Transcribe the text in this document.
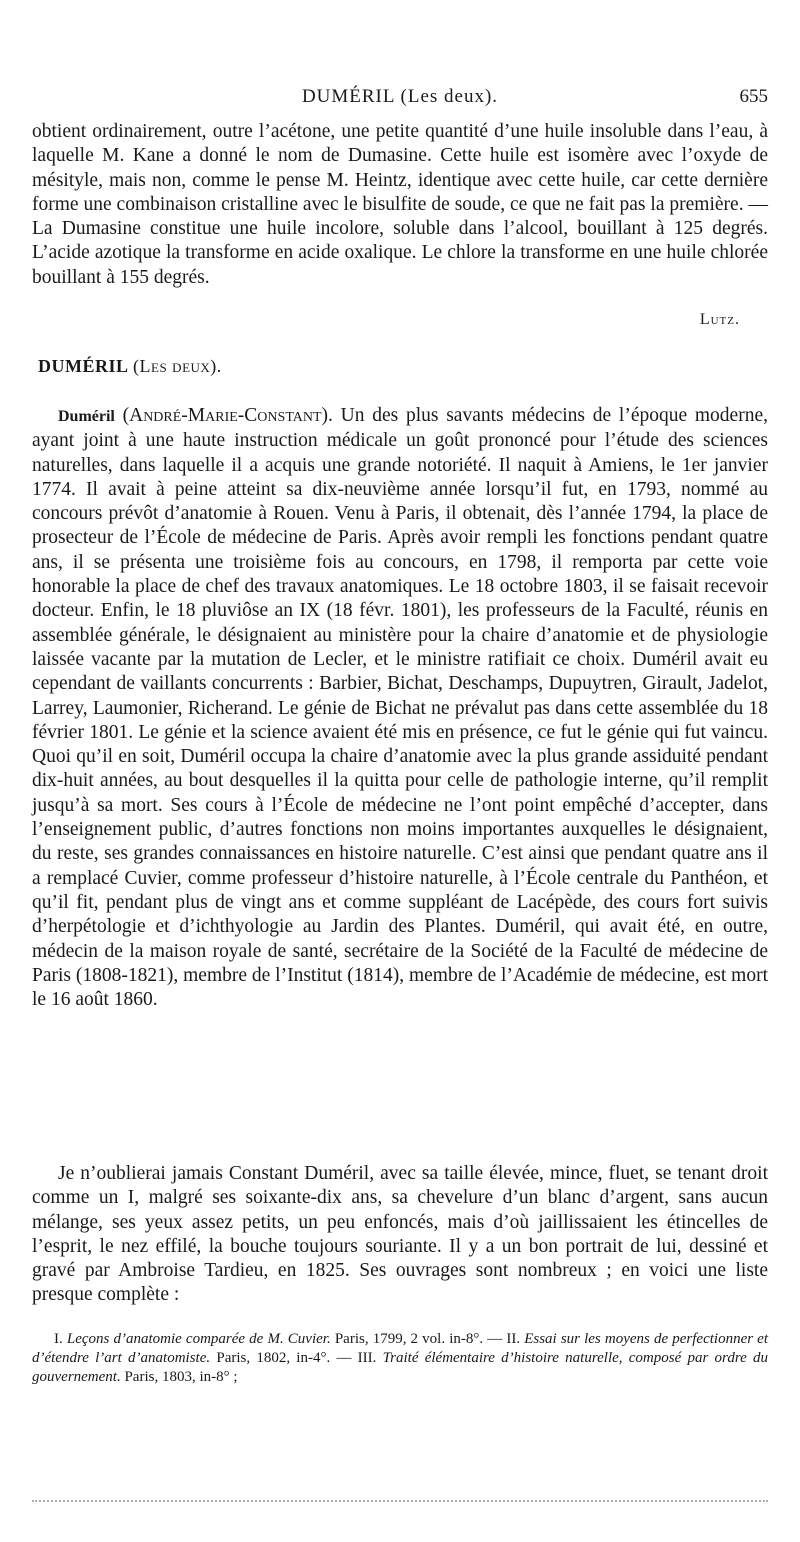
DUMÉRIL (Les deux).	655

obtient ordinairement, outre l’acétone, une petite quantité d’une huile insoluble dans l’eau, à laquelle M. Kane a donné le nom de Dumasine. Cette huile est isomère avec l’oxyde de mésityle, mais non, comme le pense M. Heintz, identique avec cette huile, car cette dernière forme une combinaison cristalline avec le bisulfite de soude, ce que ne fait pas la première. — La Dumasine constitue une huile incolore, soluble dans l’alcool, bouillant à 125 degrés. L’acide azotique la transforme en acide oxalique. Le chlore la transforme en une huile chlorée bouillant à 155 degrés.

Lutz.
DUMÉRIL (Les deux).

Duméril (André-Marie-Constant). Un des plus savants médecins de l’époque moderne, ayant joint à une haute instruction médicale un goût prononcé pour l’étude des sciences naturelles, dans laquelle il a acquis une grande notoriété. Il naquit à Amiens, le 1er janvier 1774. Il avait à peine atteint sa dix-neuvième année lorsqu’il fut, en 1793, nommé au concours prévôt d’anatomie à Rouen. Venu à Paris, il obtenait, dès l’année 1794, la place de prosecteur de l’École de médecine de Paris. Après avoir rempli les fonctions pendant quatre ans, il se présenta une troisième fois au concours, en 1798, il remporta par cette voie honorable la place de chef des travaux anatomiques. Le 18 octobre 1803, il se faisait recevoir docteur. Enfin, le 18 pluviôse an IX (18 févr. 1801), les professeurs de la Faculté, réunis en assemblée générale, le désignaient au ministère pour la chaire d’anatomie et de physiologie laissée vacante par la mutation de Lecler, et le ministre ratifiait ce choix. Duméril avait eu cependant de vaillants concurrents : Barbier, Bichat, Deschamps, Dupuytren, Girault, Jadelot, Larrey, Laumonier, Richerand. Le génie de Bichat ne prévalut pas dans cette assemblée du 18 février 1801. Le génie et la science avaient été mis en présence, ce fut le génie qui fut vaincu. Quoi qu’il en soit, Duméril occupa la chaire d’anatomie avec la plus grande assiduité pendant dix-huit années, au bout desquelles il la quitta pour celle de pathologie interne, qu’il remplit jusqu’à sa mort. Ses cours à l’École de médecine ne l’ont point empêché d’accepter, dans l’enseignement public, d’autres fonctions non moins importantes auxquelles le désignaient, du reste, ses grandes connaissances en histoire naturelle. C’est ainsi que pendant quatre ans il a remplacé Cuvier, comme professeur d’histoire naturelle, à l’École centrale du Panthéon, et qu’il fit, pendant plus de vingt ans et comme suppléant de Lacépède, des cours fort suivis d’herpétologie et d’ichthyologie au Jardin des Plantes. Duméril, qui avait été, en outre, médecin de la maison royale de santé, secrétaire de la Société de la Faculté de médecine de Paris (1808-1821), membre de l’Institut (1814), membre de l’Académie de médecine, est mort le 16 août 1860.

Je n’oublierai jamais Constant Duméril, avec sa taille élevée, mince, fluet, se tenant droit comme un I, malgré ses soixante-dix ans, sa chevelure d’un blanc d’argent, sans aucun mélange, ses yeux assez petits, un peu enfoncés, mais d’où jaillissaient les étincelles de l’esprit, le nez effilé, la bouche toujours souriante. Il y a un bon portrait de lui, dessiné et gravé par Ambroise Tardieu, en 1825. Ses ouvrages sont nombreux ; en voici une liste presque complète :

I. Leçons d’anatomie comparée de M. Cuvier. Paris, 1799, 2 vol. in-8°. — II. Essai sur les moyens de perfectionner et d’étendre l’art d’anatomiste. Paris, 1802, in-4°. — III. Traité élémentaire d’histoire naturelle, composé par ordre du gouvernement. Paris, 1803, in-8° ;
